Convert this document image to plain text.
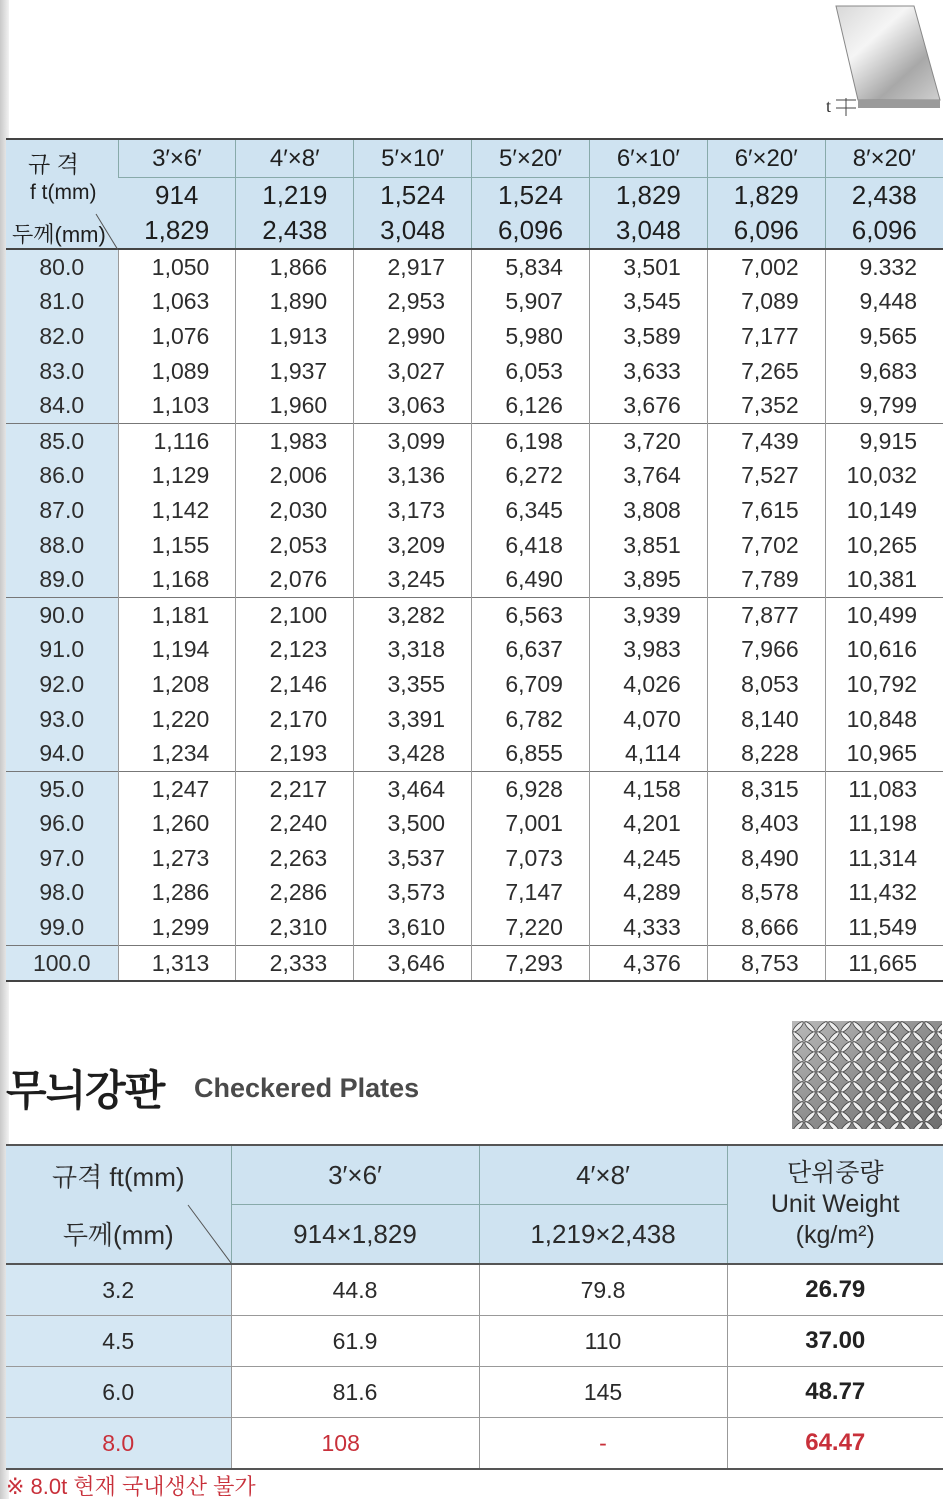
t
규 격
f t(mm)
두께(mm)	3′×6′	4′×8′	5′×10′	5′×20′	6′×10′	6′×20′	8′×20′
	914	1,219	1,524	1,524	1,829	1,829	2,438
	1,829	2,438	3,048	6,096	3,048	6,096	6,096
80.0	1,050	1,866	2,917	5,834	3,501	7,002	9.332
81.0	1,063	1,890	2,953	5,907	3,545	7,089	9,448
82.0	1,076	1,913	2,990	5,980	3,589	7,177	9,565
83.0	1,089	1,937	3,027	6,053	3,633	7,265	9,683
84.0	1,103	1,960	3,063	6,126	3,676	7,352	9,799
85.0	1,116	1,983	3,099	6,198	3,720	7,439	9,915
86.0	1,129	2,006	3,136	6,272	3,764	7,527	10,032
87.0	1,142	2,030	3,173	6,345	3,808	7,615	10,149
88.0	1,155	2,053	3,209	6,418	3,851	7,702	10,265
89.0	1,168	2,076	3,245	6,490	3,895	7,789	10,381
90.0	1,181	2,100	3,282	6,563	3,939	7,877	10,499
91.0	1,194	2,123	3,318	6,637	3,983	7,966	10,616
92.0	1,208	2,146	3,355	6,709	4,026	8,053	10,792
93.0	1,220	2,170	3,391	6,782	4,070	8,140	10,848
94.0	1,234	2,193	3,428	6,855	4,114	8,228	10,965
95.0	1,247	2,217	3,464	6,928	4,158	8,315	11,083
96.0	1,260	2,240	3,500	7,001	4,201	8,403	11,198
97.0	1,273	2,263	3,537	7,073	4,245	8,490	11,314
98.0	1,286	2,286	3,573	7,147	4,289	8,578	11,432
99.0	1,299	2,310	3,610	7,220	4,333	8,666	11,549
100.0	1,313	2,333	3,646	7,293	4,376	8,753	11,665
무늬강판 Checkered Plates
규격 ft(mm)	3′×6′	4′×8′	단위중량
Unit Weight
(kg/m²)

두께(mm)	914×1,829	1,219×2,438	
3.2	44.8	79.8	26.79
4.5	61.9	110	37.00
6.0	81.6	145	48.77
8.0	108	-	64.47
※ 8.0t 현재 국내생산 불가
